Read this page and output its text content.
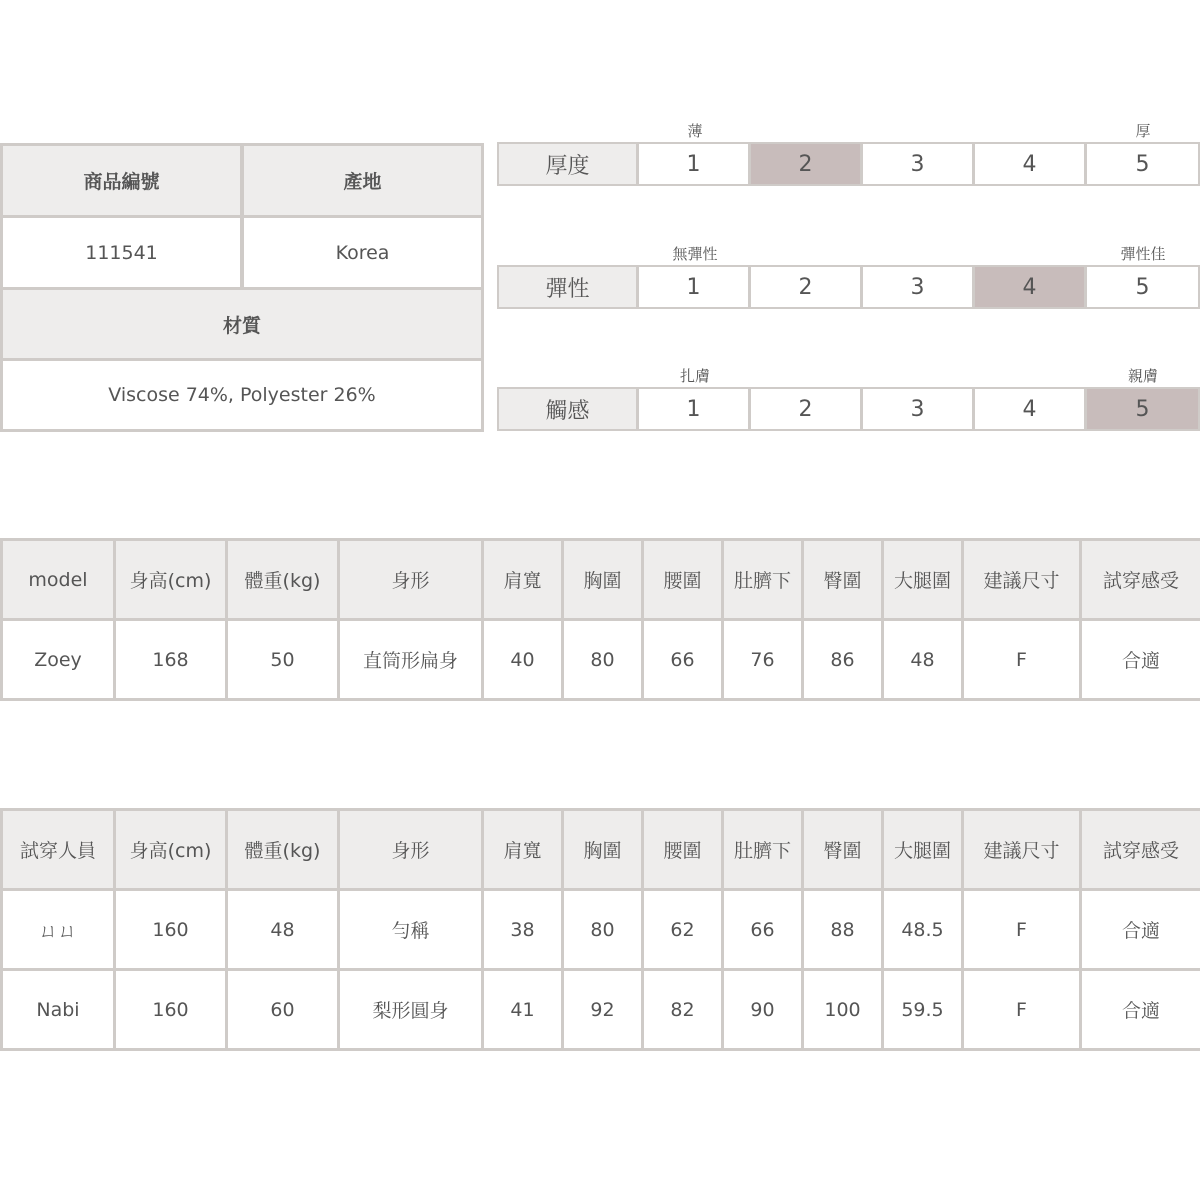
商品編號	產地
111541	Korea
材質
Viscose 74%, Polyester 26%
薄	厚
厚度	1	2	3	4	5
無彈性	彈性佳
彈性	1	2	3	4	5
扎膚	親膚
觸感	1	2	3	4	5
model	身高(cm)	體重(kg)	身形	肩寬	胸圍	腰圍	肚臍下	臀圍	大腿圍	建議尺寸	試穿感受
Zoey	168	50	直筒形扁身	40	80	66	76	86	48	F	合適
試穿人員	身高(cm)	體重(kg)	身形	肩寬	胸圍	腰圍	肚臍下	臀圍	大腿圍	建議尺寸	試穿感受
ㄩㄩ	160	48	勻稱	38	80	62	66	88	48.5	F	合適
Nabi	160	60	梨形圓身	41	92	82	90	100	59.5	F	合適
